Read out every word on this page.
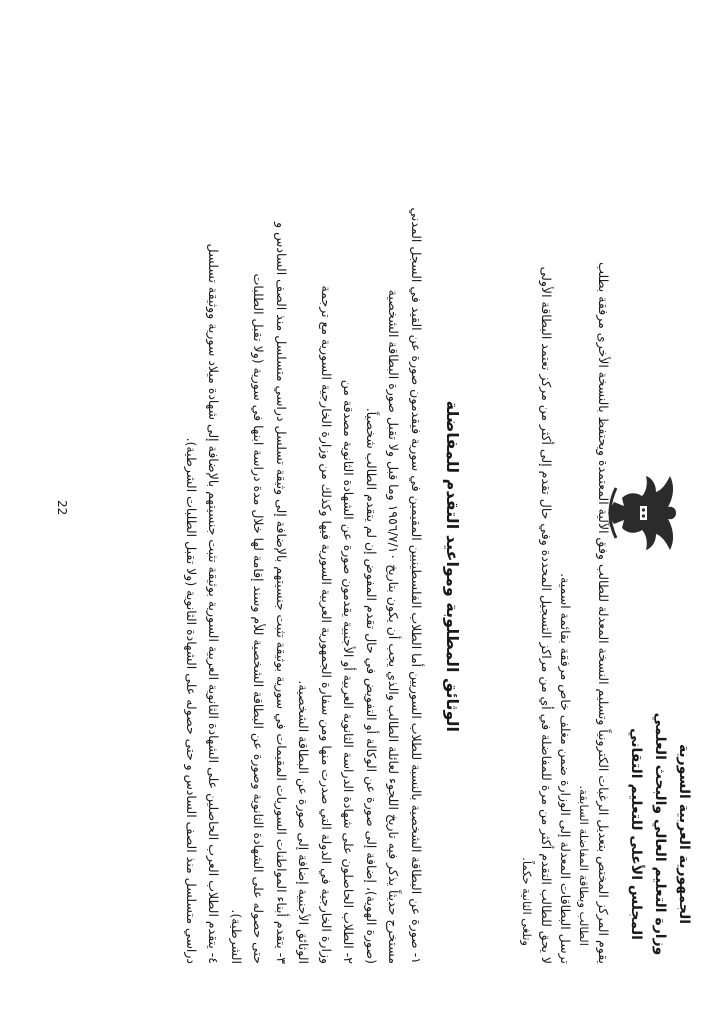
الجمهورية العربية السورية
وزارة التعليم العالي والبحث العلمي
المجلس الأعلى للتعليم التقاني
يقوم المركز المختص بتعديل الرغبات الكترونياً وتسليم النسخة المعدلة للطالب وفق الآلية المعتمدة ويحتفظ بالنسخة الأخرى مرفقة بطلب
الطالب وبطاقة المفاضلة السابقة.
ترسل البطاقات المعدلة إلى الوزارة ضمن مغلف خاص مرفقة بقائمة اسمية.
لا يحق للطالب التقدم أكثر من مرة للمفاضلة في أي من مراكز التسجيل المحددة وفي حال تقدم إلى أكثر من مركز تعتمد البطاقة الأولى
وتلغى الثانية حكماً.
الوثائق المطلوبة ومواعيد التقدم للمفاضلة
١- صورة عن البطاقة الشخصية بالنسبة للطلاب السوريين أما الطلاب الفلسطينيين المقيمين في سورية فيقدمون صورة عن القيد في السجل المدني
مستخرج حديثاً يذكر فيه تاريخ اللجوء لعائلة الطالب والذي يجب أن يكون بتاريخ ١٩٥٦/٧/١٠ وما قبل ولا تقبل صورة البطاقة الشخصية
(صورة الهوية)، إضافة إلى صورة عن الوكالة أو التفويض في حال تقدم المفوض إن لم يتقدم الطالب شخصياً.
٢- الطلاب الحاصلون على شهادة الدراسة الثانوية العربية أو الأجنبية يقدمون صورة عن الشهادة الثانوية مصدقة من
وزارة الخارجية في الدولة التي صدرت منها ومن سفارة الجمهورية العربية السورية فيها وكذلك من وزارة الخارجية السورية مع ترجمة
الوثائق الأجنبية إضافة إلى صورة عن البطاقة الشخصية.
٣- يتقدم أبناء المواطنات السوريات المقيمات في سورية بوثيقة تثبت جنسيتهم بالإضافة إلى وثيقة تسلسل دراسي متسلسل منذ الصف السادس و
حتى حصوله على الشهادة الثانوية وصورة عن البطاقة الشخصية للأم وسند إقامة لها خلال مدة دراسة ابنها في سورية (ولا تقبل الطلبات
الشرطية).
٤- يتقدم الطلاب العرب الحاصلين على الشهادة الثانوية العربية السورية بوثيقة تثبت جنسيتهم بالإضافة إلى شهادة ميلاد سورية ووثيقة تسلسل
دراسي متسلسل منذ الصف السادس و حتى حصوله على الشهادة الثانوية (ولا تقبل الطلبات الشرطية).
22
